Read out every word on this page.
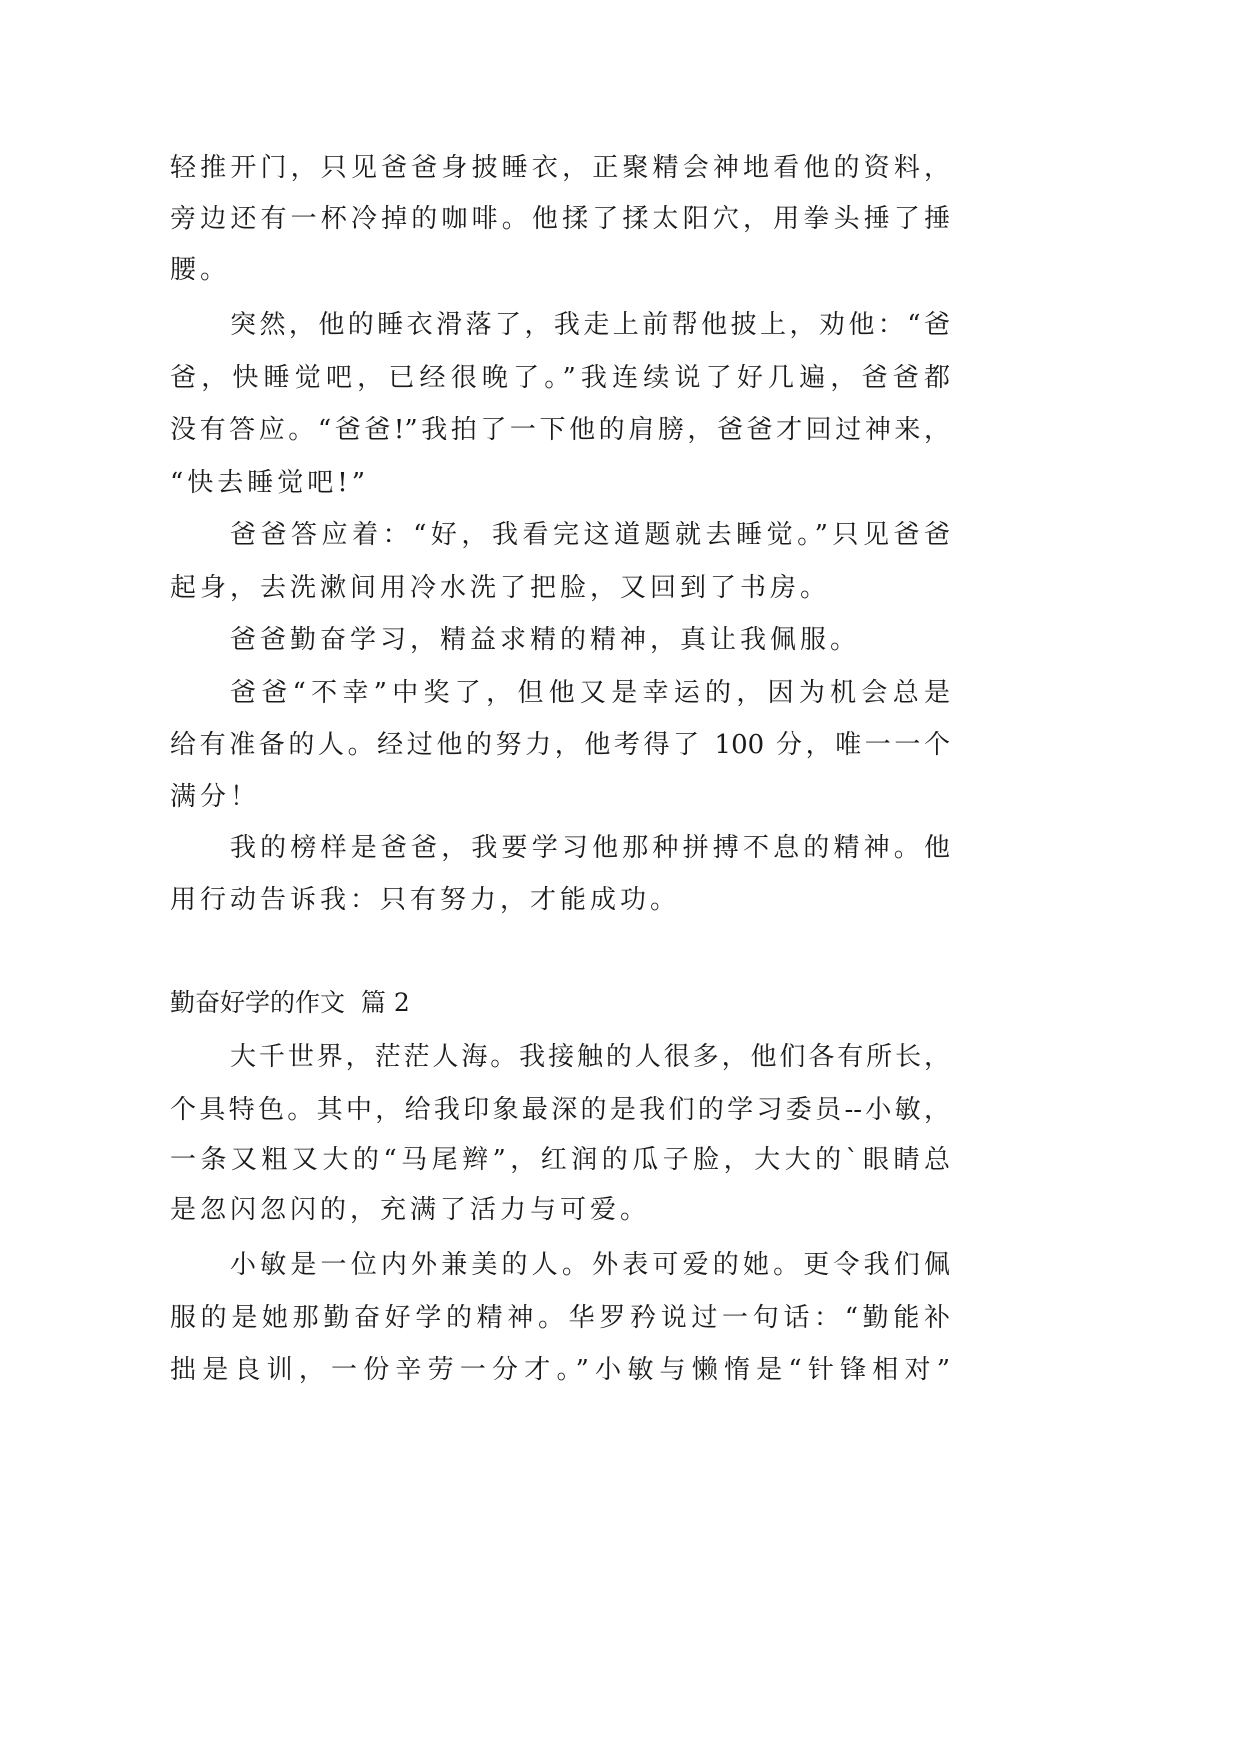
轻推开门，只见爸爸身披睡衣，正聚精会神地看他的资料，
旁边还有一杯冷掉的咖啡。他揉了揉太阳穴，用拳头捶了捶
腰。
突然，他的睡衣滑落了，我走上前帮他披上，劝他：“爸
爸，快睡觉吧，已经很晚了。”我连续说了好几遍，爸爸都
没有答应。“爸爸!”我拍了一下他的肩膀，爸爸才回过神来，
“快去睡觉吧!”
爸爸答应着：“好，我看完这道题就去睡觉。”只见爸爸
起身，去洗漱间用冷水洗了把脸，又回到了书房。
爸爸勤奋学习，精益求精的精神，真让我佩服。
爸爸“不幸”中奖了，但他又是幸运的，因为机会总是
给有准备的人。经过他的努力，他考得了 100 分，唯一一个
满分！
我的榜样是爸爸，我要学习他那种拼搏不息的精神。他
用行动告诉我：只有努力，才能成功。
勤奋好学的作文  篇 2
大千世界，茫茫人海。我接触的人很多，他们各有所长，
个具特色。其中，给我印象最深的是我们的学习委员--小敏，
一条又粗又大的“马尾辫”，红润的瓜子脸，大大的`眼睛总
是忽闪忽闪的，充满了活力与可爱。
小敏是一位内外兼美的人。外表可爱的她。更令我们佩
服的是她那勤奋好学的精神。华罗矜说过一句话：“勤能补
拙是良训，一份辛劳一分才。”小敏与懒惰是“针锋相对”
